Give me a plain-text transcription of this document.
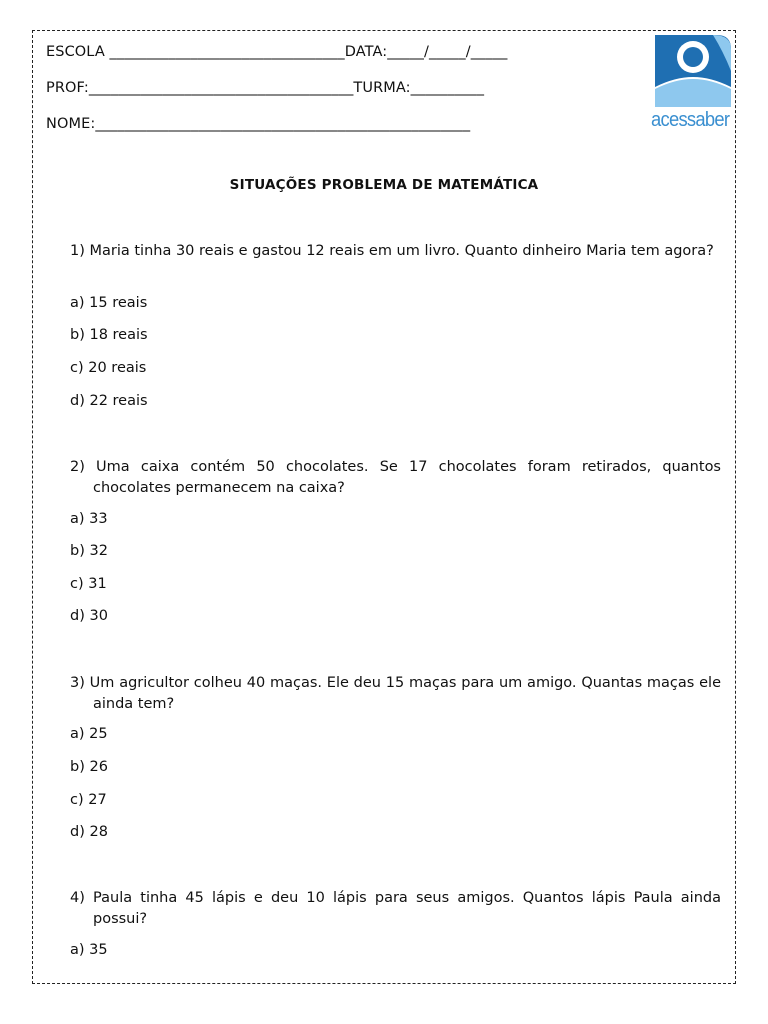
ESCOLA ________________________________DATA:_____/_____/_____
PROF:____________________________________TURMA:__________
NOME:___________________________________________________	acessaber
SITUAÇÕES PROBLEMA DE MATEMÁTICA
1) Maria tinha 30 reais e gastou 12 reais em um livro. Quanto dinheiro Maria tem agora?
a) 15 reais
b) 18 reais
c) 20 reais
d) 22 reais
2) Uma caixa contém 50 chocolates. Se 17 chocolates foram retirados, quantos chocolates permanecem na caixa?
a) 33
b) 32
c) 31
d) 30
3) Um agricultor colheu 40 maças. Ele deu 15 maças para um amigo. Quantas maças ele ainda tem?
a) 25
b) 26
c) 27
d) 28
4) Paula tinha 45 lápis e deu 10 lápis para seus amigos. Quantos lápis Paula ainda possui?
a) 35
